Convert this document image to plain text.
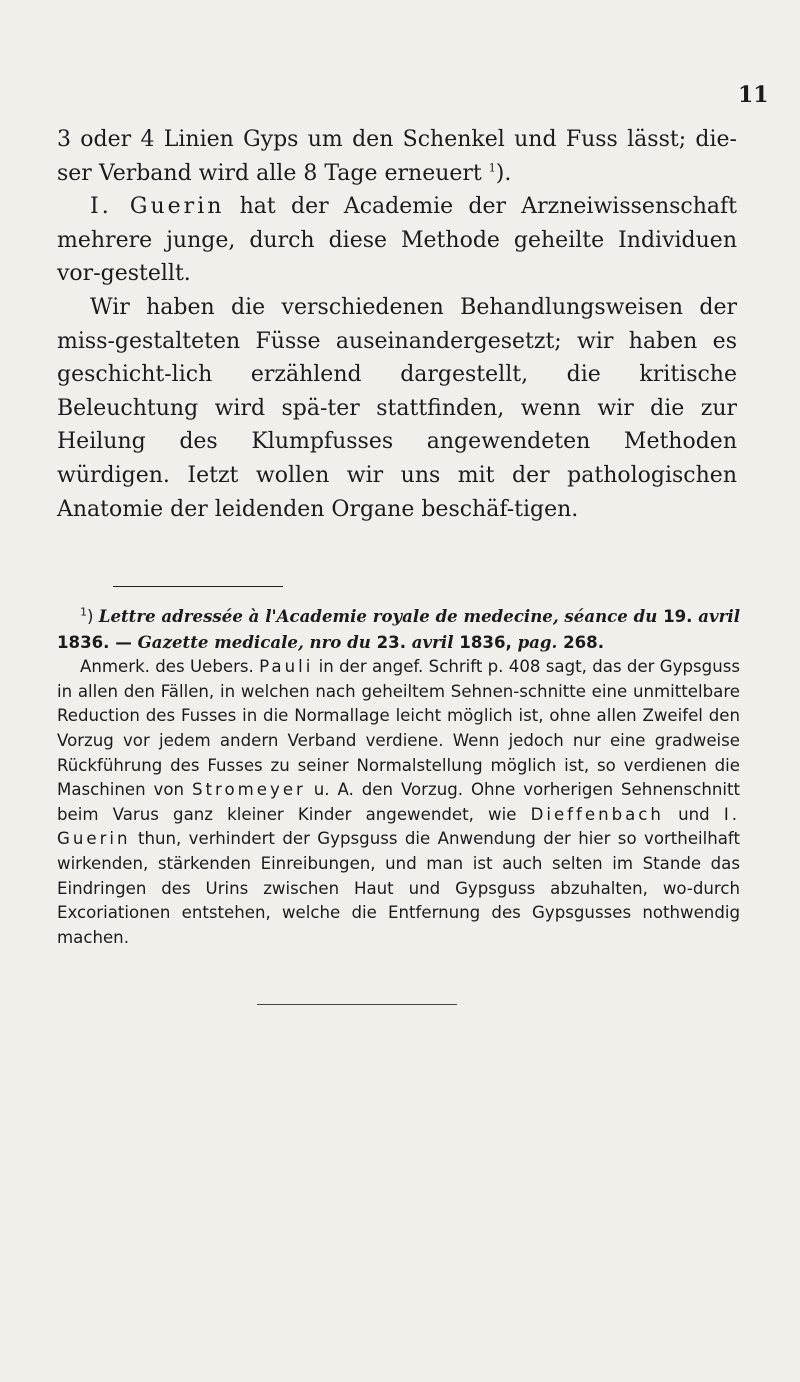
11

3 oder 4 Linien Gyps um den Schenkel und Fuss lässt; die-ser Verband wird alle 8 Tage erneuert $^1$).

I. Guerin hat der Academie der Arzneiwissenschaft mehrere junge, durch diese Methode geheilte Individuen vor-gestellt.

Wir haben die verschiedenen Behandlungsweisen der miss-gestalteten Füsse auseinandergesetzt; wir haben es geschicht-lich erzählend dargestellt, die kritische Beleuchtung wird spä-ter stattfinden, wenn wir die zur Heilung des Klumpfusses angewendeten Methoden würdigen. Ietzt wollen wir uns mit der pathologischen Anatomie der leidenden Organe beschäf-tigen.

$^1$) Lettre adressée à l'Academie royale de medecine, séance du 19. avril 1836. — Gazette medicale, nro du 23. avril 1836, pag. 268.

Anmerk. des Uebers. Pauli in der angef. Schrift p. 408 sagt, das der Gypsguss in allen den Fällen, in welchen nach geheiltem Sehnen-schnitte eine unmittelbare Reduction des Fusses in die Normallage leicht möglich ist, ohne allen Zweifel den Vorzug vor jedem andern Verband verdiene. Wenn jedoch nur eine gradweise Rückführung des Fusses zu seiner Normalstellung möglich ist, so verdienen die Maschinen von Stromeyer u. A. den Vorzug. Ohne vorherigen Sehnenschnitt beim Varus ganz kleiner Kinder angewendet, wie Dieffenbach und I. Guerin thun, verhindert der Gypsguss die Anwendung der hier so vortheilhaft wirkenden, stärkenden Einreibungen, und man ist auch selten im Stande das Eindringen des Urins zwischen Haut und Gypsguss abzuhalten, wo-durch Excoriationen entstehen, welche die Entfernung des Gypsgusses nothwendig machen.
